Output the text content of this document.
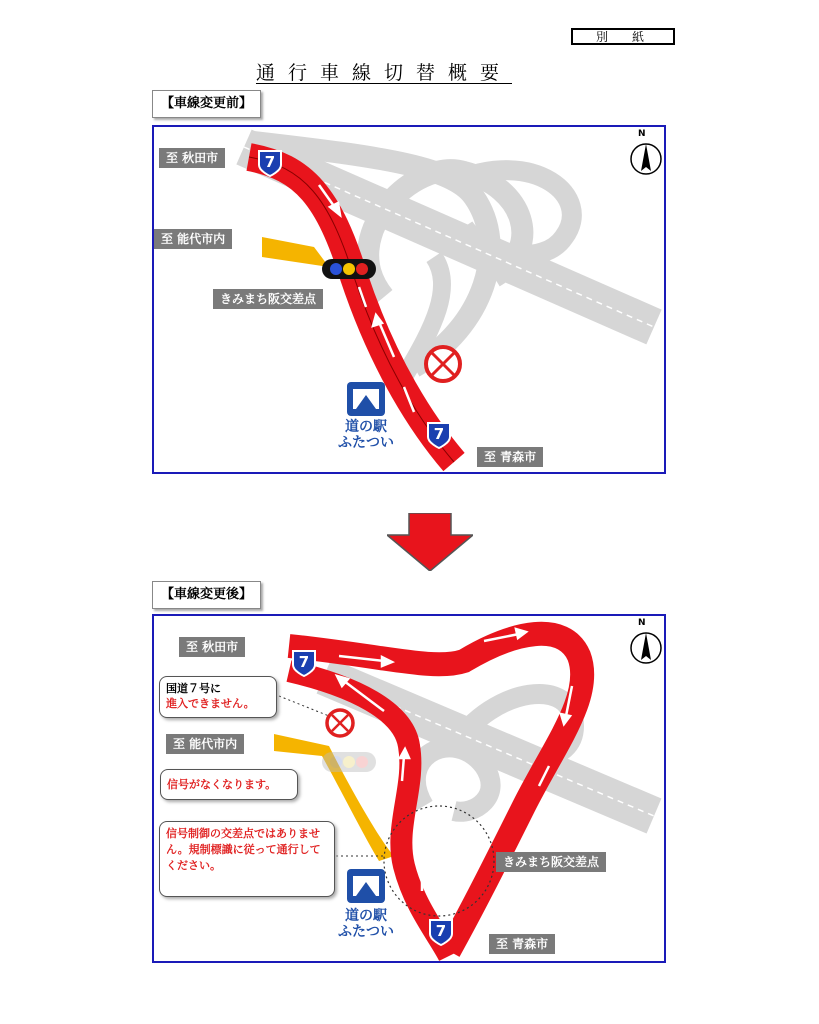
別　紙
通行車線切替概要
【車線変更前】
N
至 秋田市
至 能代市内
きみまち阪交差点
至 青森市
7
7
道の駅
ふたつい
【車線変更後】
N
至 秋田市
至 能代市内
きみまち阪交差点
至 青森市
7
7
道の駅
ふたつい
国道７号に
進入できません。
信号がなくなります。
信号制御の交差点ではありません。規制標識に従って通行してください。
